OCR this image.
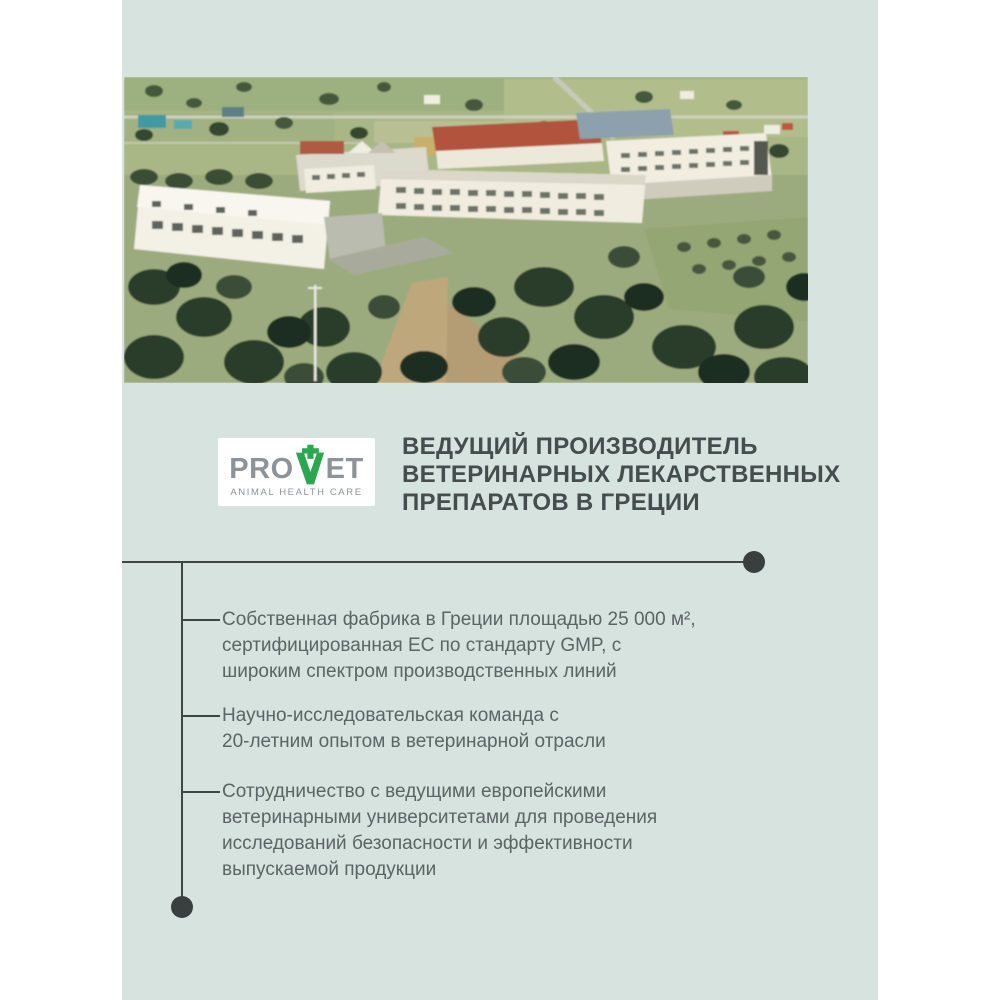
PRO ET
ANIMAL HEALTH CARE
ВЕДУЩИЙ ПРОИЗВОДИТЕЛЬ
ВЕТЕРИНАРНЫХ ЛЕКАРСТВЕННЫХ
ПРЕПАРАТОВ В ГРЕЦИИ
Собственная фабрика в Греции площадью 25 000 м²,
сертифицированная ЕС по стандарту GMP, с
широким спектром производственных линий
Научно-исследовательская команда с
20-летним опытом в ветеринарной отрасли
Сотрудничество с ведущими европейскими
ветеринарными университетами для проведения
исследований безопасности и эффективности
выпускаемой продукции
